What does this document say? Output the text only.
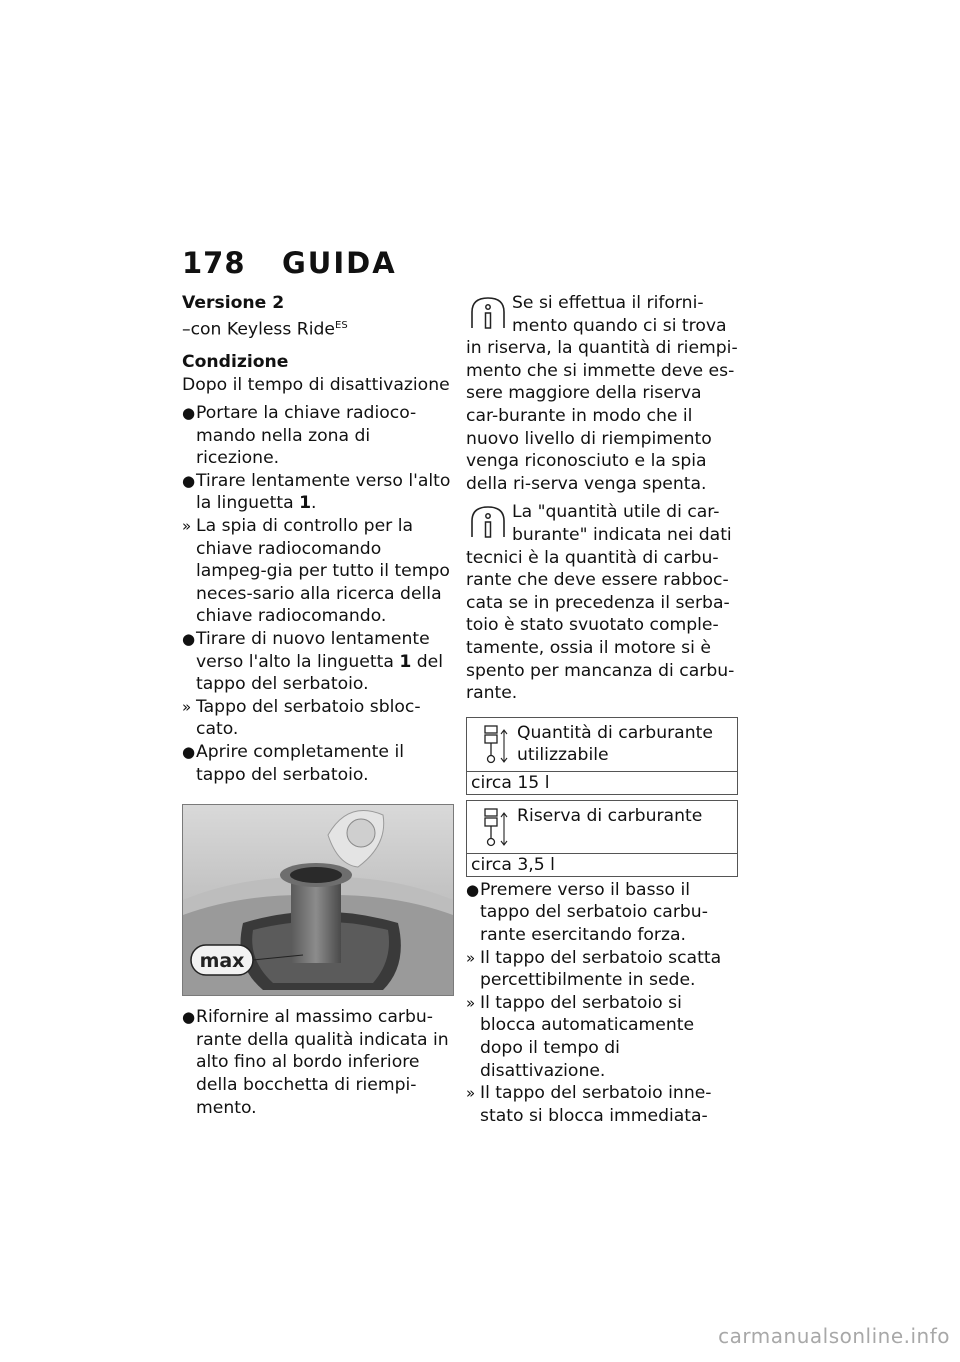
178	GUIDA

Versione 2

–con Keyless Ride$^{ES}$

Condizione

Dopo il tempo di disattivazione

● Portare la chiave radioco-mando nella zona di ricezione.
● Tirare lentamente verso l'alto la linguetta 1.
» La spia di controllo per la chiave radiocomando lampeg-gia per tutto il tempo neces-sario alla ricerca della chiave radiocomando.
● Tirare di nuovo lentamente verso l'alto la linguetta 1 del tappo del serbatoio.
» Tappo del serbatoio sbloc-cato.
● Aprire completamente il tappo del serbatoio.
max
● Rifornire al massimo carbu-rante della qualità indicata in alto fino al bordo inferiore della bocchetta di riempi-mento.
Se si effettua il riforni-mento quando ci si trova in riserva, la quantità di riempi-mento che si immette deve es-sere maggiore della riserva car-burante in modo che il nuovo livello di riempimento venga riconosciuto e la spia della ri-serva venga spenta.
La "quantità utile di car-burante" indicata nei dati tecnici è la quantità di carbu-rante che deve essere rabboc-cata se in precedenza il serba-toio è stato svuotato comple-tamente, ossia il motore si è spento per mancanza di carbu-rante.
Quantità di carburante utilizzabile
circa 15 l
Riserva di carburante
circa 3,5 l
● Premere verso il basso il tappo del serbatoio carbu-rante esercitando forza.
» Il tappo del serbatoio scatta percettibilmente in sede.
» Il tappo del serbatoio si blocca automaticamente dopo il tempo di disattivazione.
» Il tappo del serbatoio inne-stato si blocca immediata-
carmanualsonline.info
